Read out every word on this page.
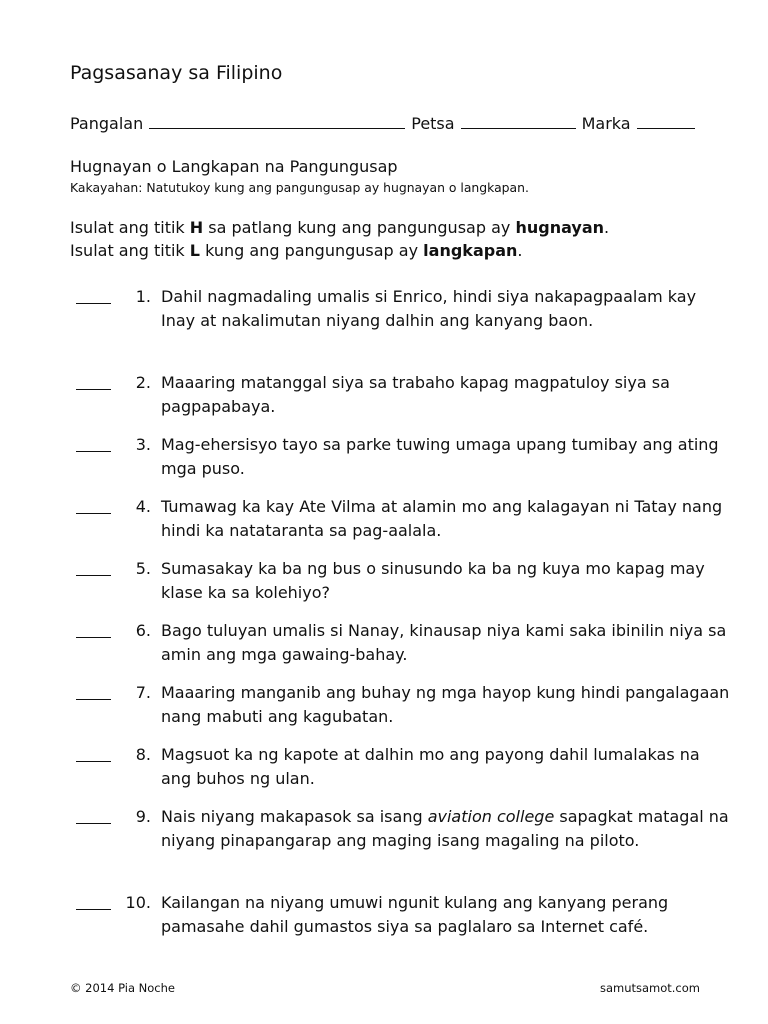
Pagsasanay sa Filipino
Pangalan	Petsa	Marka
Hugnayan o Langkapan na Pangungusap
Kakayahan: Natutukoy kung ang pangungusap ay hugnayan o langkapan.
Isulat ang titik H sa patlang kung ang pangungusap ay hugnayan.
Isulat ang titik L kung ang pangungusap ay langkapan.
1. Dahil nagmadaling umalis si Enrico, hindi siya nakapagpaalam kay Inay at nakalimutan niyang dalhin ang kanyang baon.
2. Maaaring matanggal siya sa trabaho kapag magpatuloy siya sa pagpapabaya.
3. Mag-ehersisyo tayo sa parke tuwing umaga upang tumibay ang ating mga puso.
4. Tumawag ka kay Ate Vilma at alamin mo ang kalagayan ni Tatay nang hindi ka natataranta sa pag-aalala.
5. Sumasakay ka ba ng bus o sinusundo ka ba ng kuya mo kapag may klase ka sa kolehiyo?
6. Bago tuluyan umalis si Nanay, kinausap niya kami saka ibinilin niya sa amin ang mga gawaing-bahay.
7. Maaaring manganib ang buhay ng mga hayop kung hindi pangalagaan nang mabuti ang kagubatan.
8. Magsuot ka ng kapote at dalhin mo ang payong dahil lumalakas na ang buhos ng ulan.
9. Nais niyang makapasok sa isang aviation college sapagkat matagal na niyang pinapangarap ang maging isang magaling na piloto.
10. Kailangan na niyang umuwi ngunit kulang ang kanyang perang pamasahe dahil gumastos siya sa paglalaro sa Internet café.
© 2014 Pia Noche	samutsamot.com
